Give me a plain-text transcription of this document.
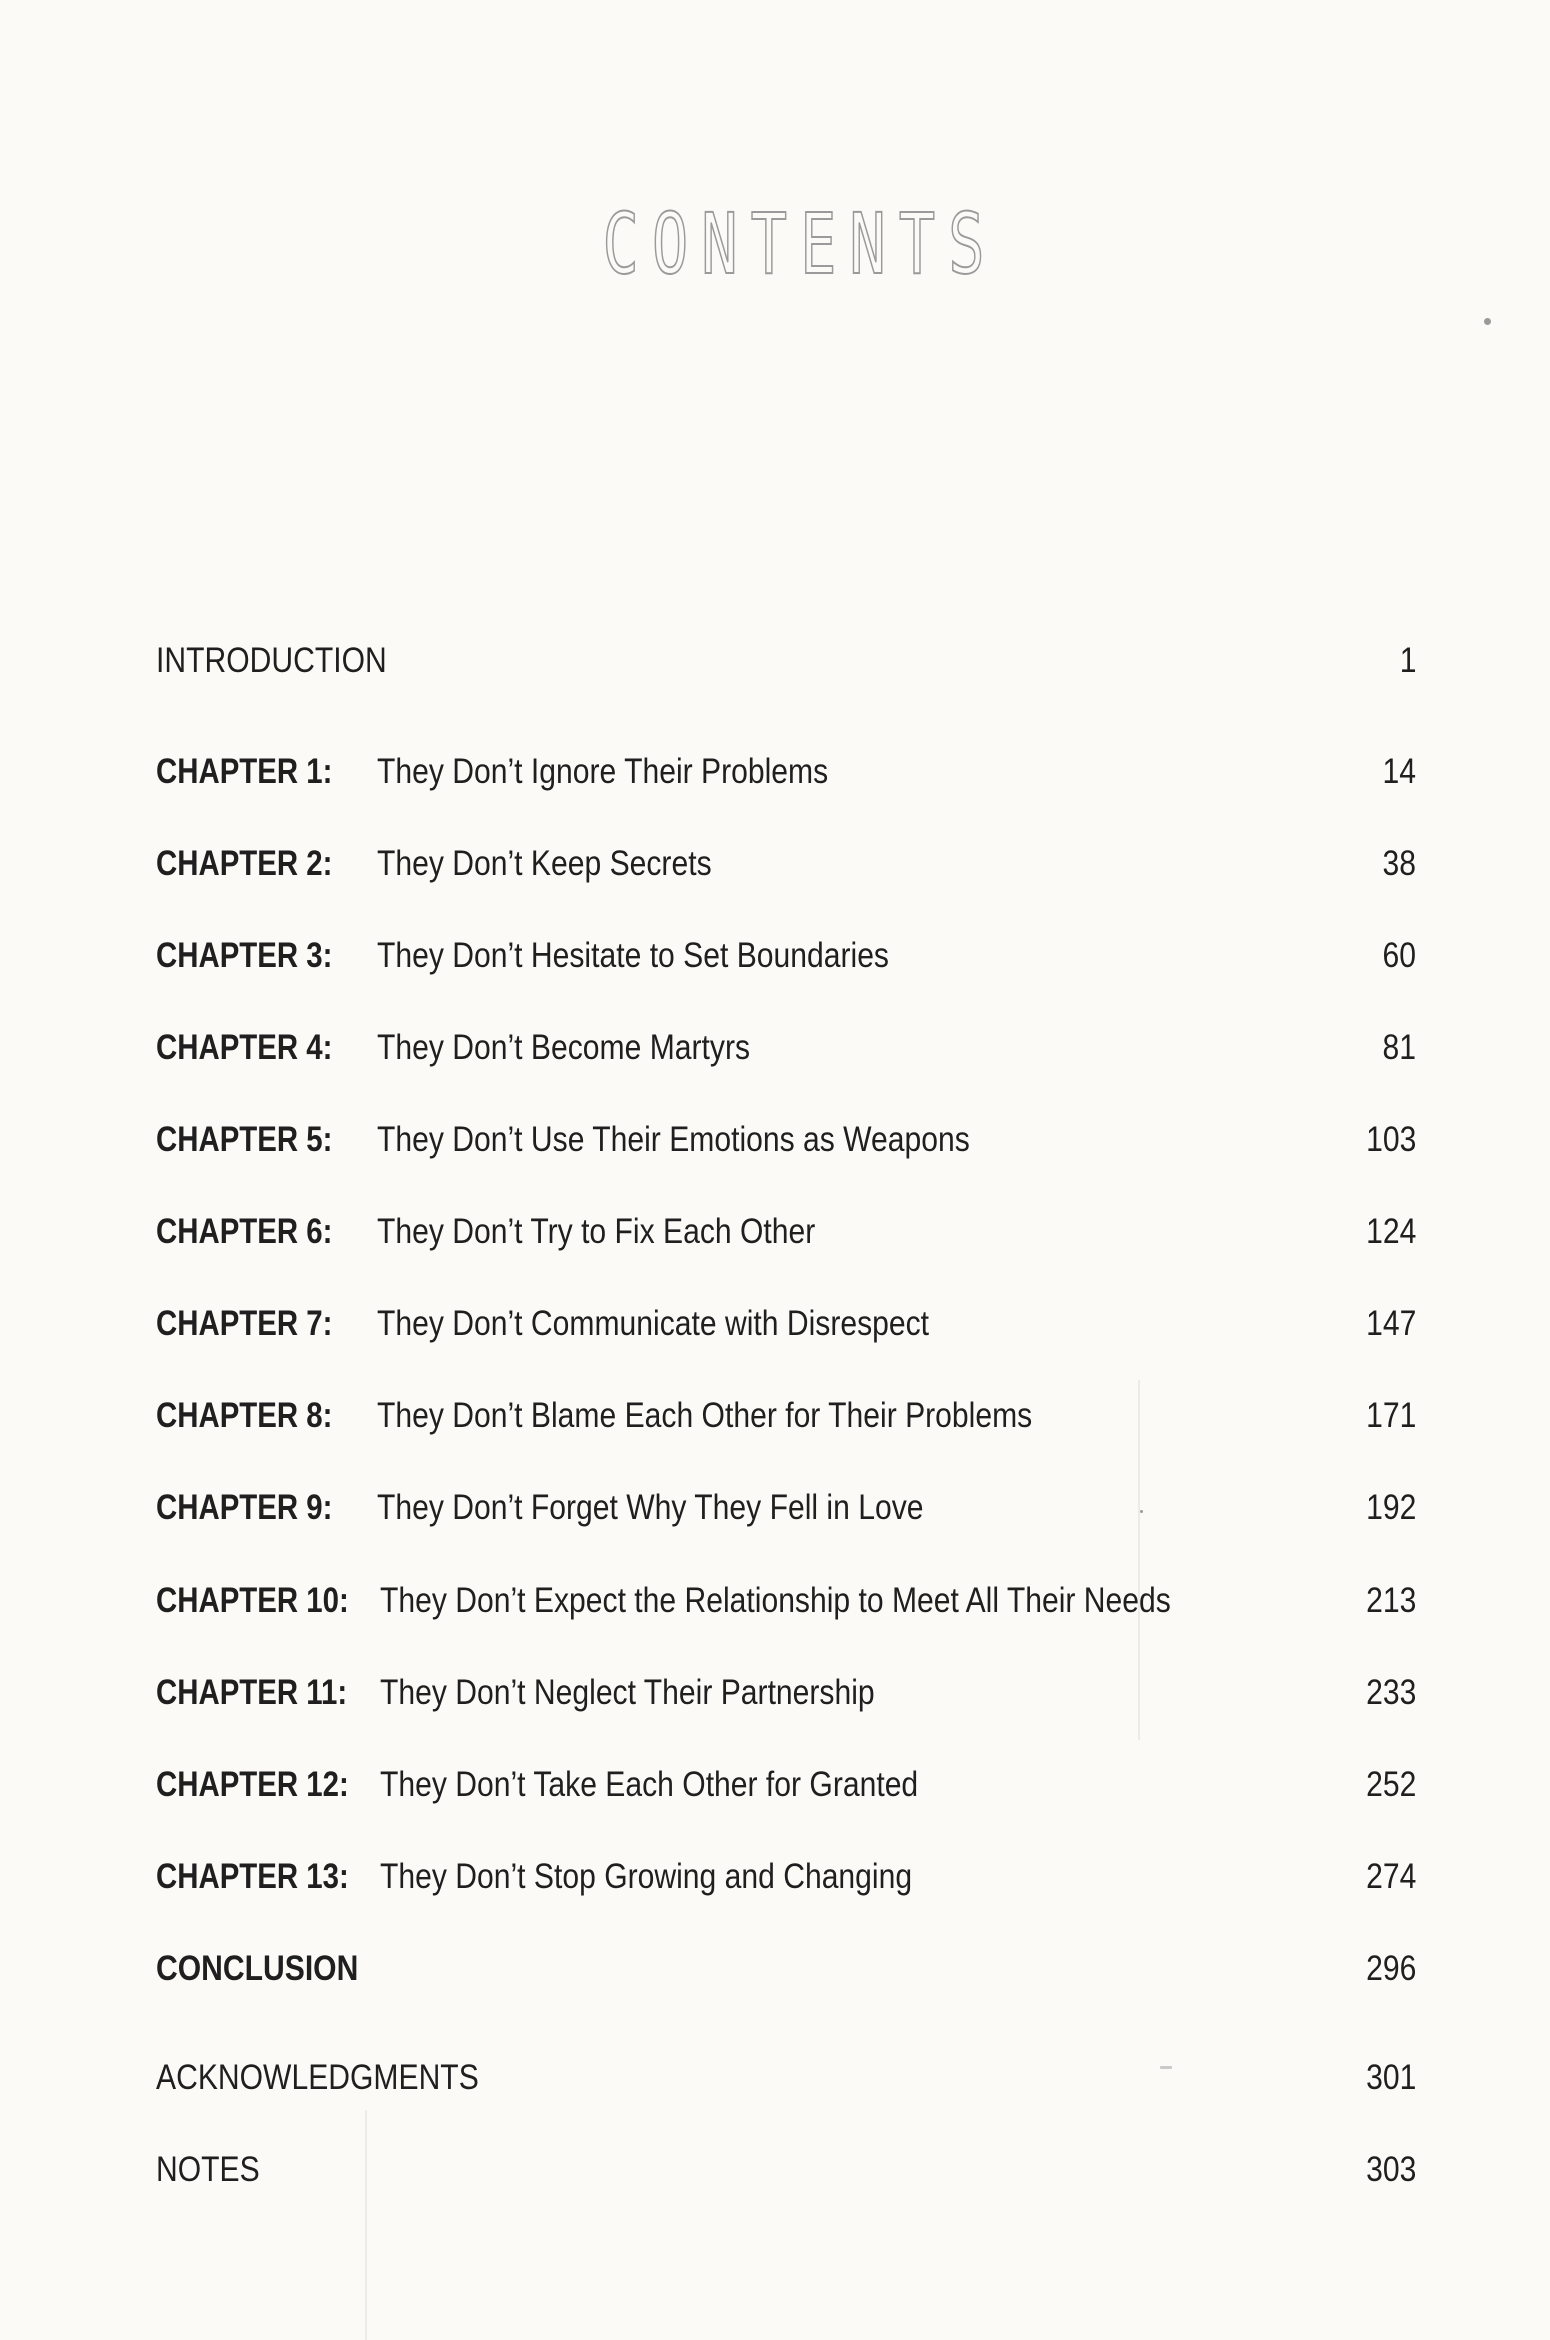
CONTENTS
INTRODUCTION	1
CHAPTER 1: They Don’t Ignore Their Problems	14
CHAPTER 2: They Don’t Keep Secrets	38
CHAPTER 3: They Don’t Hesitate to Set Boundaries	60
CHAPTER 4: They Don’t Become Martyrs	81
CHAPTER 5: They Don’t Use Their Emotions as Weapons	103
CHAPTER 6: They Don’t Try to Fix Each Other	124
CHAPTER 7: They Don’t Communicate with Disrespect	147
CHAPTER 8: They Don’t Blame Each Other for Their Problems	171
CHAPTER 9: They Don’t Forget Why They Fell in Love	192
CHAPTER 10: They Don’t Expect the Relationship to Meet All Their Needs	213
CHAPTER 11: They Don’t Neglect Their Partnership	233
CHAPTER 12: They Don’t Take Each Other for Granted	252
CHAPTER 13: They Don’t Stop Growing and Changing	274
CONCLUSION	296
ACKNOWLEDGMENTS	301
NOTES	303
